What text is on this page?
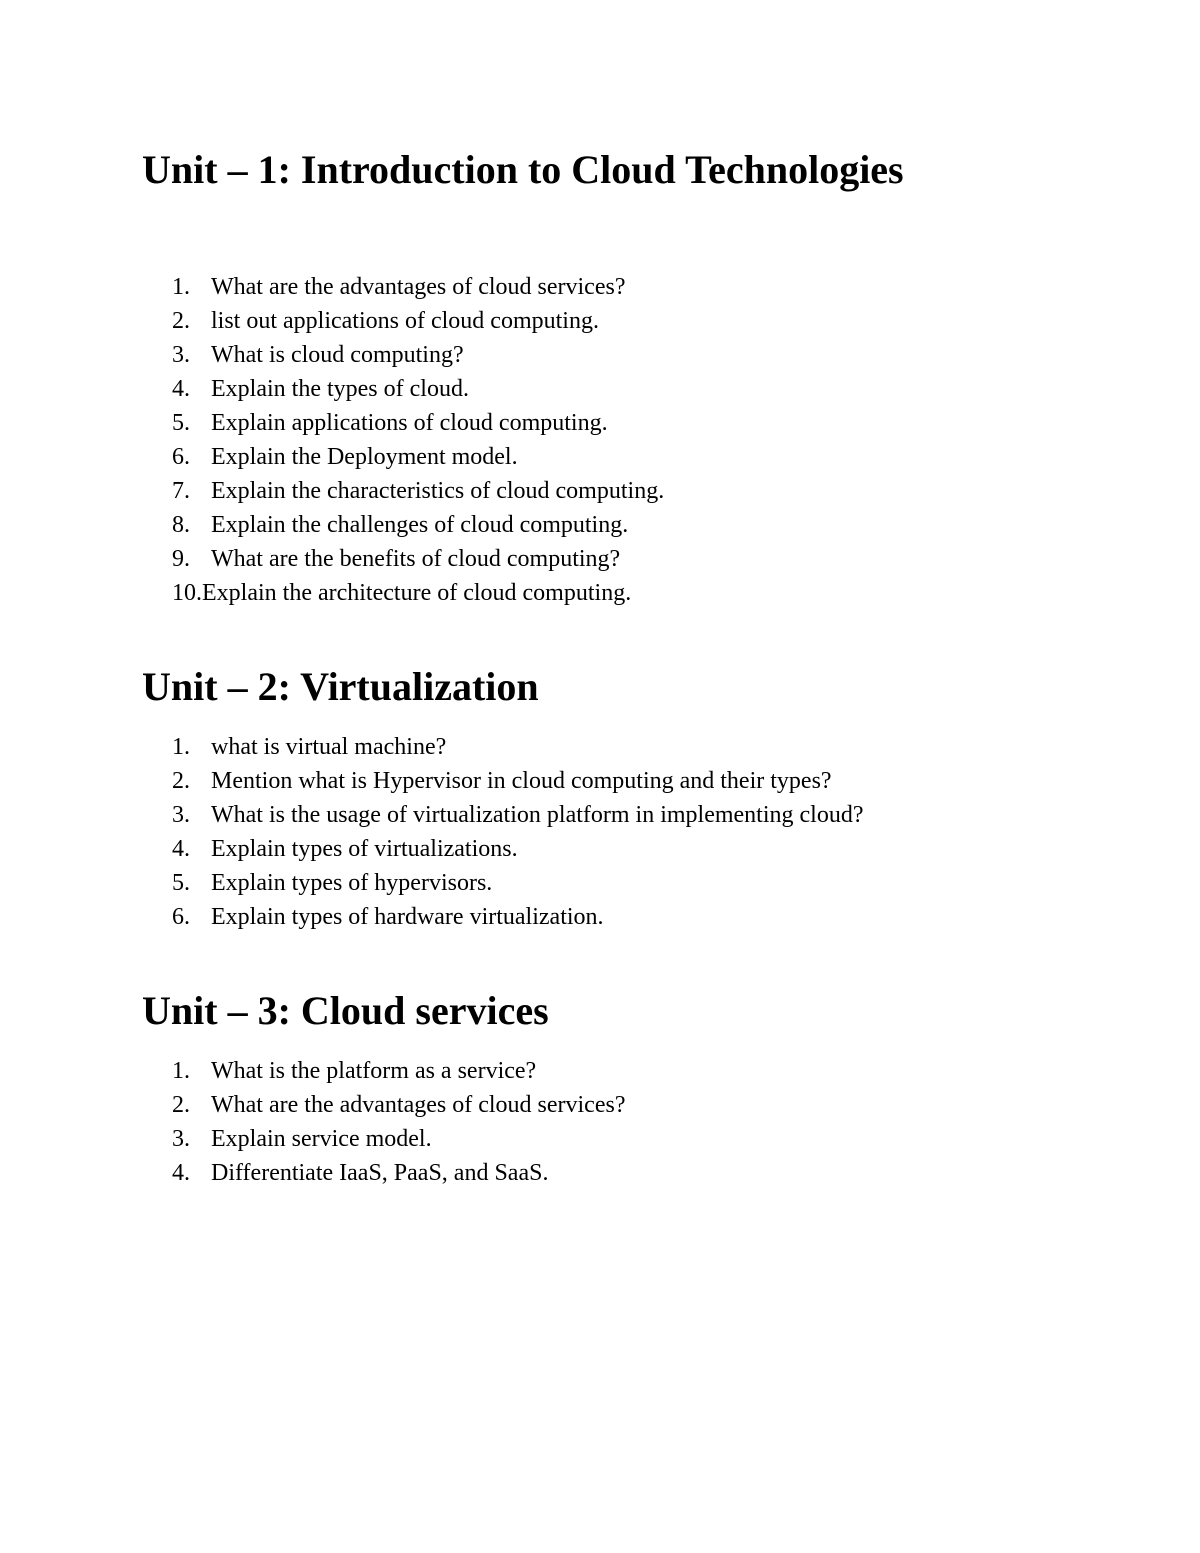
Unit – 1: Introduction to Cloud Technologies
1. What are the advantages of cloud services?
2. list out applications of cloud computing.
3. What is cloud computing?
4. Explain the types of cloud.
5. Explain applications of cloud computing.
6. Explain the Deployment model.
7. Explain the characteristics of cloud computing.
8. Explain the challenges of cloud computing.
9. What are the benefits of cloud computing?
10.Explain the architecture of cloud computing.
Unit – 2: Virtualization
1. what is virtual machine?
2. Mention what is Hypervisor in cloud computing and their types?
3. What is the usage of virtualization platform in implementing cloud?
4. Explain types of virtualizations.
5. Explain types of hypervisors.
6. Explain types of hardware virtualization.
Unit – 3: Cloud services
1. What is the platform as a service?
2. What are the advantages of cloud services?
3. Explain service model.
4. Differentiate IaaS, PaaS, and SaaS.
